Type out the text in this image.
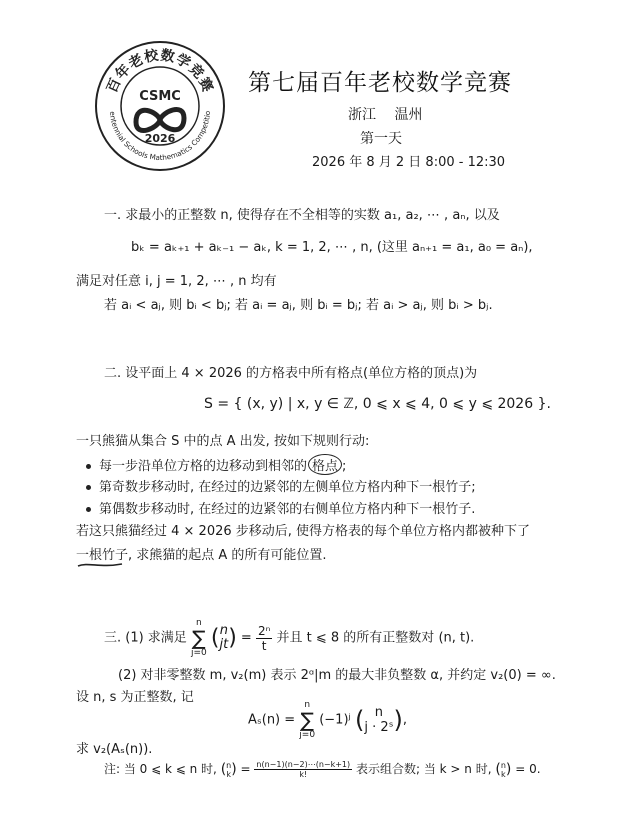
百年老校数学竞赛
entennial Schools Mathematics Competitio
CSMC
2026
第七届百年老校数学竞赛
浙江 温州
第一天
2026 年 8 月 2 日 8:00 - 12:30
一. 求最小的正整数 n, 使得存在不全相等的实数 a₁, a₂, ⋯ , aₙ, 以及
bₖ = aₖ₊₁ + aₖ₋₁ − aₖ, k = 1, 2, ⋯ , n, (这里 aₙ₊₁ = a₁, a₀ = aₙ),
满足对任意 i, j = 1, 2, ⋯ , n 均有
若 aᵢ < aⱼ, 则 bᵢ < bⱼ; 若 aᵢ = aⱼ, 则 bᵢ = bⱼ; 若 aᵢ > aⱼ, 则 bᵢ > bⱼ.
二. 设平面上 4 × 2026 的方格表中所有格点(单位方格的顶点)为
S = { (x, y) | x, y ∈ ℤ, 0 ⩽ x ⩽ 4, 0 ⩽ y ⩽ 2026 }.
一只熊猫从集合 S 中的点 A 出发, 按如下规则行动:
每一步沿单位方格的边移动到相邻的 格点 ;
第奇数步移动时, 在经过的边紧邻的左侧单位方格内种下一根竹子;
第偶数步移动时, 在经过的边紧邻的右侧单位方格内种下一根竹子.
若这只熊猫经过 4 × 2026 步移动后, 使得方格表的每个单位方格内都被种下了
一根竹子, 求熊猫的起点 A 的所有可能位置.
三. (1) 求满足
n
∑
j=0
( n
jt ) = $\frac{\text{2ⁿ}}{t}$ 并且 t ⩽ 8 的所有正整数对 (n, t).
(2) 对非零整数 m, v₂(m) 表示 2ᵅ|m 的最大非负整数 α, 并约定 v₂(0) = ∞.
设 n, s 为正整数, 记
Aₛ(n) =
n
∑
j=0
(−1)ʲ ( n
j · 2ˢ ),
求 v₂(Aₛ(n)).
注: 当 0 ⩽ k ⩽ n 时, ( n
k ) = $\frac{n(n-1)(n-2)\cdots(n-k+1)}{k!}$ 表示组合数; 当 k > n 时, ( n
k ) = 0.
